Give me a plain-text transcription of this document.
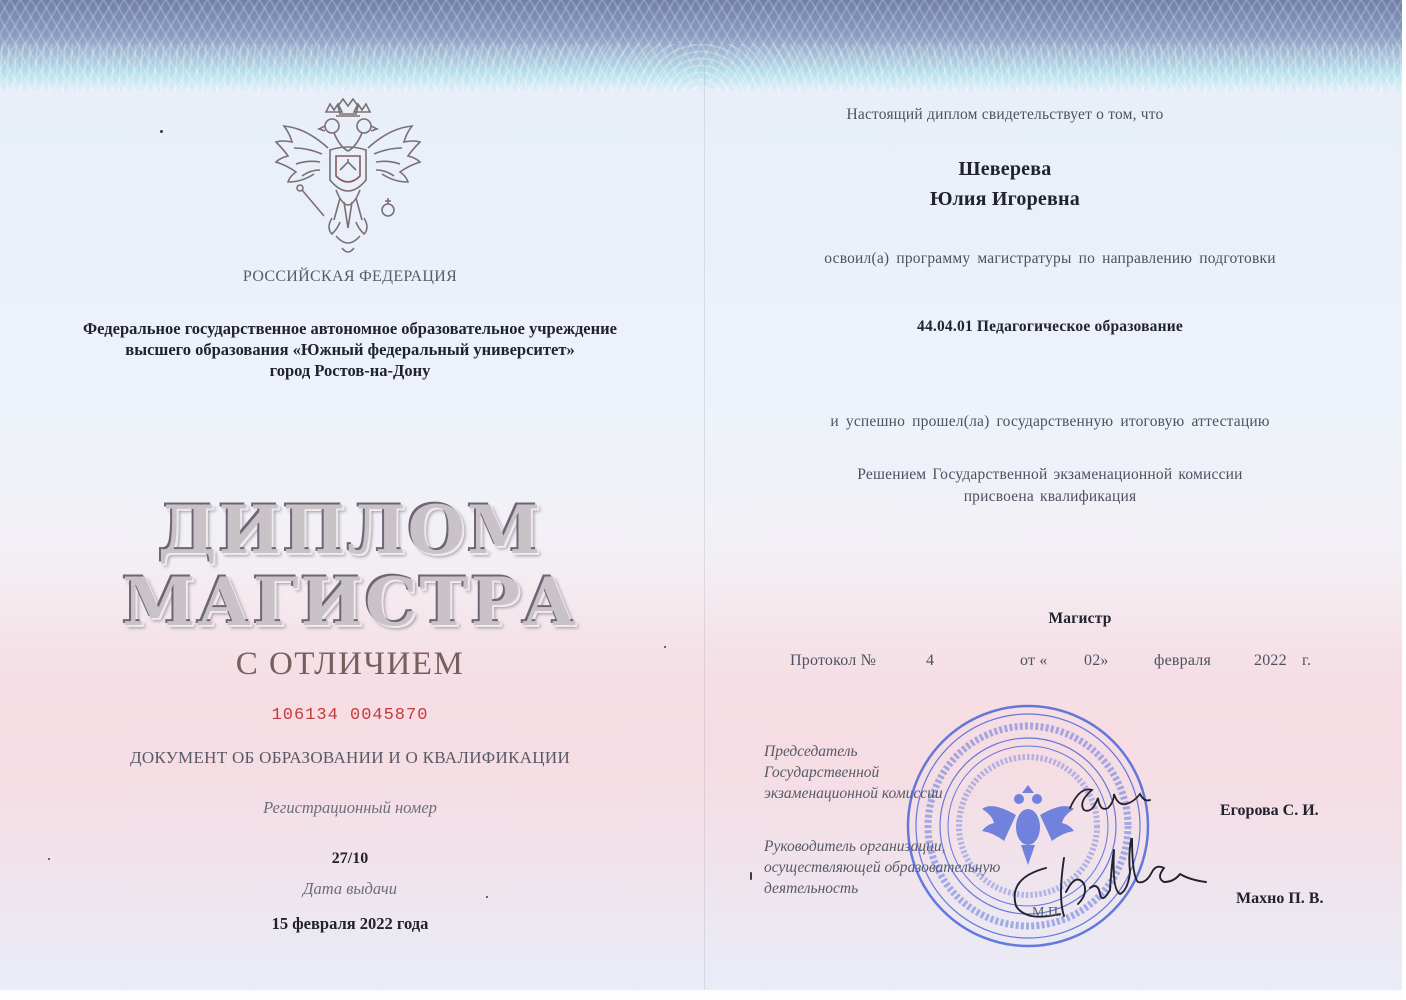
РОССИЙСКАЯ ФЕДЕРАЦИЯ
Федеральное государственное автономное образовательное учреждение
высшего образования «Южный федеральный университет»
город Ростов-на-Дону
ДИПЛОМ
МАГИСТРА
С ОТЛИЧИЕМ
106134 0045870
ДОКУМЕНТ ОБ ОБРАЗОВАНИИ И О КВАЛИФИКАЦИИ
Регистрационный номер
27/10
Дата выдачи
15 февраля 2022 года
Настоящий диплом свидетельствует о том, что
Шеверева
Юлия Игоревна
освоил(а) программу магистратуры по направлению подготовки
44.04.01 Педагогическое образование
и успешно прошел(ла) государственную итоговую аттестацию
Решением Государственной экзаменационной комиссии
присвоена квалификация
Магистр
Протокол №	4	от « 02»	февраля	2022 г.
Председатель
Государственной
экзаменационной комиссии
Руководитель организации,
осуществляющей образовательную
деятельность
М.П.
Егорова С. И.
Махно П. В.
